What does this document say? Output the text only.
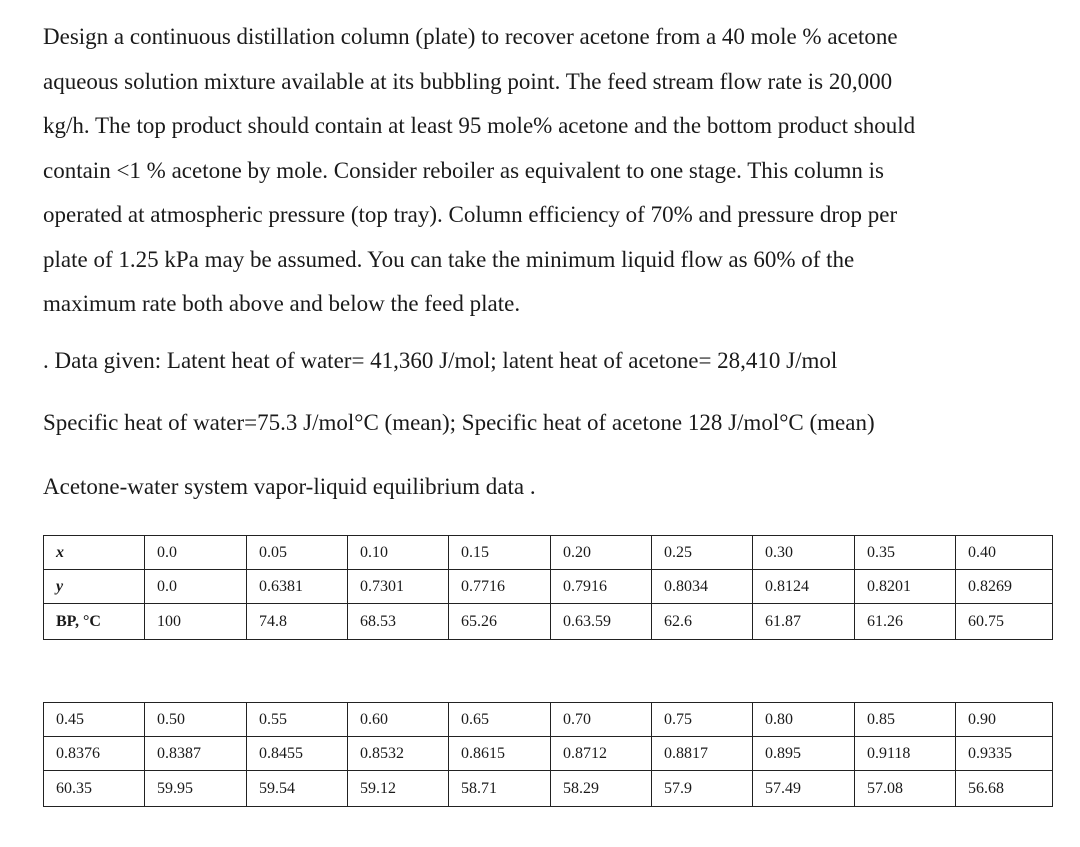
Design a continuous distillation column (plate) to recover acetone from a 40 mole % acetone
aqueous solution mixture available at its bubbling point. The feed stream flow rate is 20,000
kg/h. The top product should contain at least 95 mole% acetone and the bottom product should
contain <1 % acetone by mole. Consider reboiler as equivalent to one stage. This column is
operated at atmospheric pressure (top tray). Column efficiency of 70% and pressure drop per
plate of 1.25 kPa may be assumed. You can take the minimum liquid flow as 60% of the
maximum rate both above and below the feed plate.

. Data given: Latent heat of water= 41,360 J/mol; latent heat of acetone= 28,410 J/mol

Specific heat of water=75.3 J/mol°C (mean); Specific heat of acetone 128 J/mol°C (mean)

Acetone-water system vapor-liquid equilibrium data .

x	0.0	0.05	0.10	0.15	0.20	0.25	0.30	0.35	0.40
y	0.0	0.6381	0.7301	0.7716	0.7916	0.8034	0.8124	0.8201	0.8269
BP, °C	100	74.8	68.53	65.26	0.63.59	62.6	61.87	61.26	60.75
0.45	0.50	0.55	0.60	0.65	0.70	0.75	0.80	0.85	0.90
0.8376	0.8387	0.8455	0.8532	0.8615	0.8712	0.8817	0.895	0.9118	0.9335
60.35	59.95	59.54	59.12	58.71	58.29	57.9	57.49	57.08	56.68
